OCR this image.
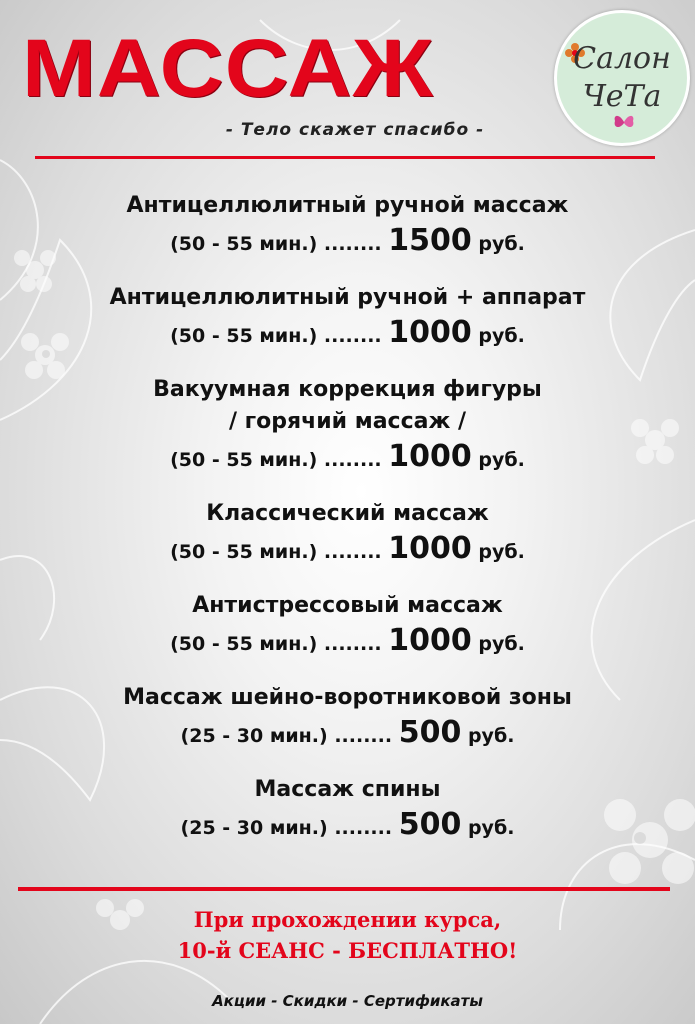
МАССАЖ	Салон
ЧеТа
- Тело скажет спасибо -
Антицеллюлитный ручной массаж
(50 - 55 мин.) ........ 1500 руб.
Антицеллюлитный ручной + аппарат
(50 - 55 мин.) ........ 1000 руб.
Вакуумная коррекция фигуры
/ горячий массаж /
(50 - 55 мин.) ........ 1000 руб.
Классический массаж
(50 - 55 мин.) ........ 1000 руб.
Антистрессовый массаж
(50 - 55 мин.) ........ 1000 руб.
Массаж шейно-воротниковой зоны
(25 - 30 мин.) ........ 500 руб.
Массаж спины
(25 - 30 мин.) ........ 500 руб.
При прохождении курса,
10-й СЕАНС - БЕСПЛАТНО!
Акции - Скидки - Сертификаты
